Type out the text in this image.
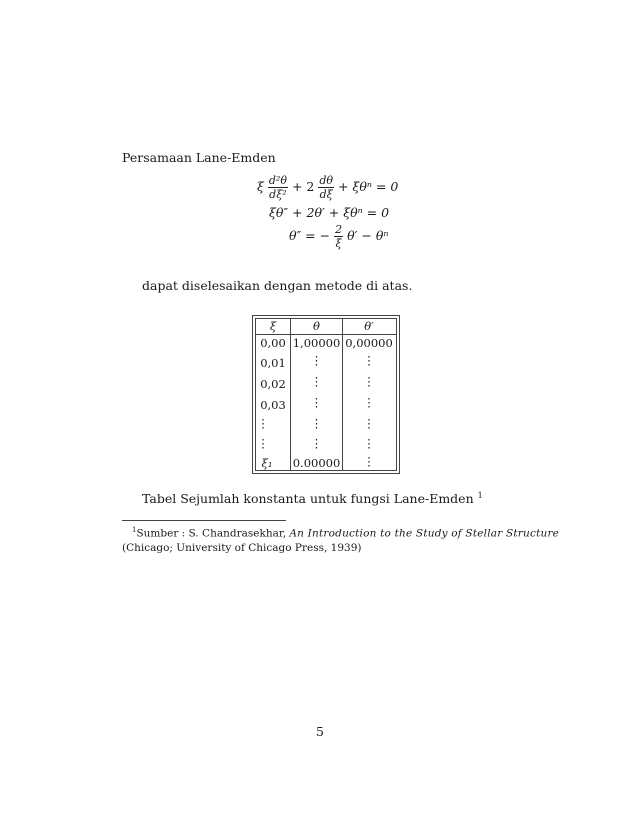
Persamaan Lane-Emden
ξ $\frac{\text{d²θ}}{\text{dξ²}} + 2 \frac{d\theta}{d\xi} + \xi\theta^n = 0$
ξθ″ + 2θ′ + ξθⁿ = 0
θ″ = − $\frac{2}{\xi} \theta' - \theta^n$
dapat diselesaikan dengan metode di atas.
ξ	θ	θ′
0,00 1,00000 0,00000
0,01	⋮	⋮
0,02	⋮	⋮
0,03	⋮	⋮
⋮	⋮	⋮
⋮	⋮	⋮
ξ₁	0.00000	⋮
Tabel Sejumlah konstanta untuk fungsi Lane-Emden $^1$
$^1$Sumber : S. Chandrasekhar, An Introduction to the Study of Stellar Structure
(Chicago; University of Chicago Press, 1939)
5
